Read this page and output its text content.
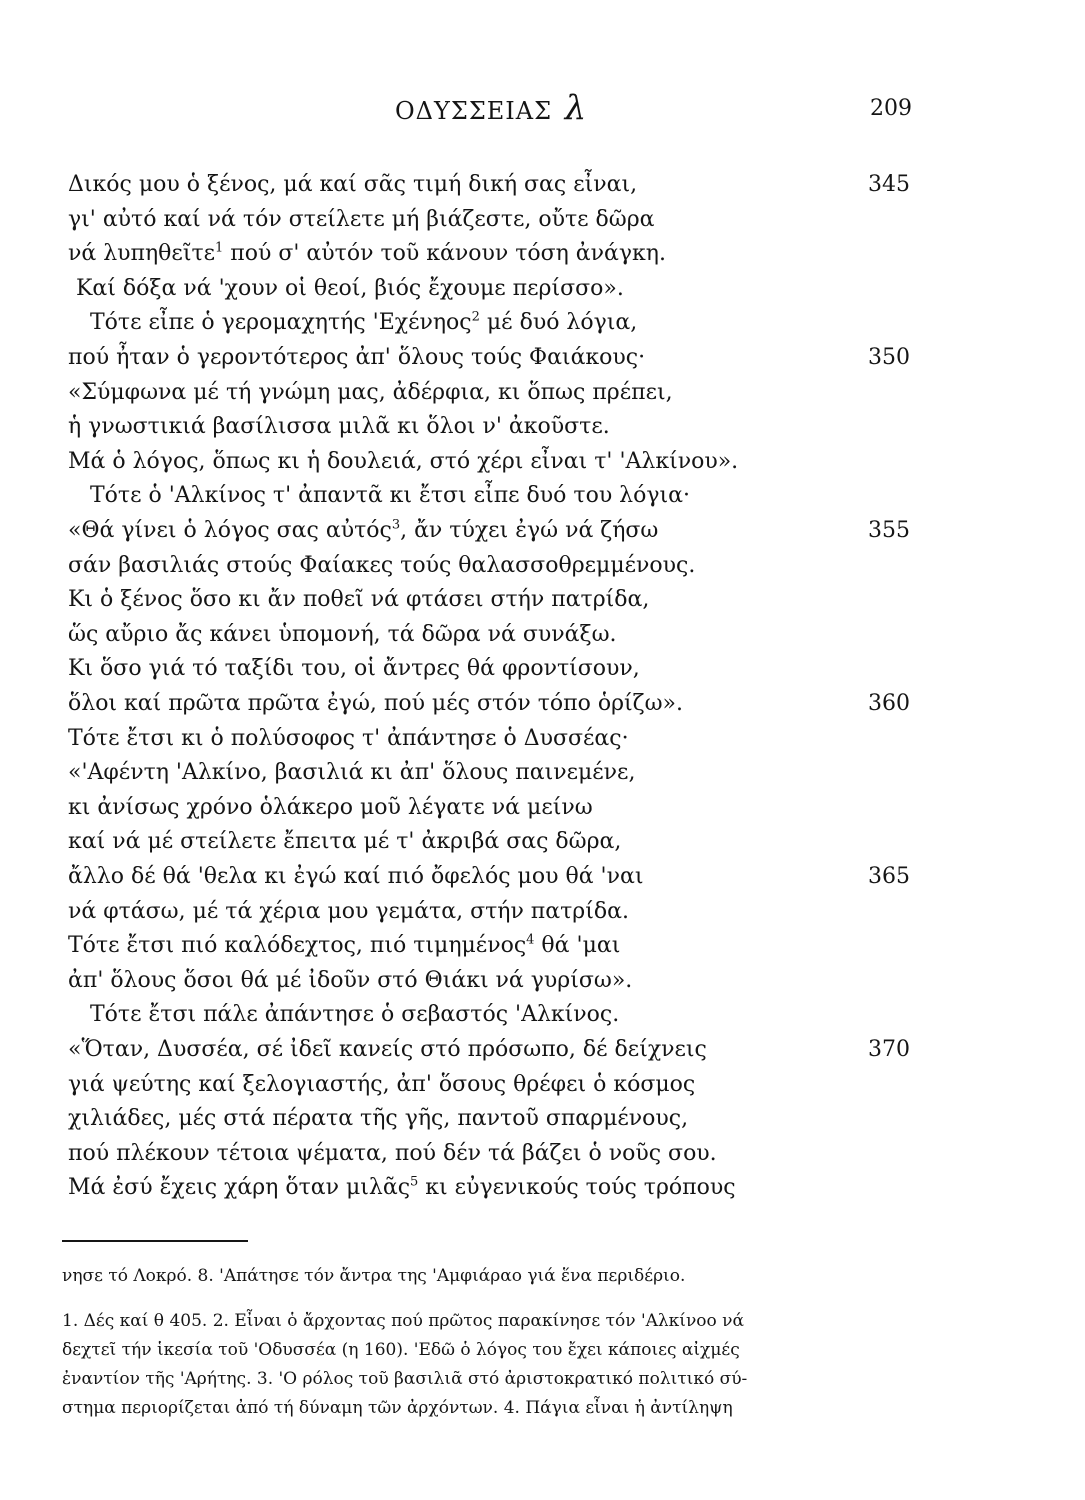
ΟΔΥΣΣΕΙΑΣ λ	209
Δικός μου ὁ ξένος, μά καί σᾶς τιμή δική σας εἶναι,	345
γι' αὐτό καί νά τόν στείλετε μή βιάζεστε, οὔτε δῶρα
νά λυπηθεῖτε$^1$ πού σ' αὐτόν τοῦ κάνουν τόση ἀνάγκη.
Καί δόξα νά 'χουν οἱ θεοί, βιός ἔχουμε περίσσο».
Τότε εἶπε ὁ γερομαχητής 'Εχένηος$^2$ μέ δυό λόγια,
πού ἦταν ὁ γεροντότερος ἀπ' ὅλους τούς Φαιάκους·	350
«Σύμφωνα μέ τή γνώμη μας, ἀδέρφια, κι ὅπως πρέπει,
ἡ γνωστικιά βασίλισσα μιλᾶ κι ὅλοι ν' ἀκοῦστε.
Μά ὁ λόγος, ὅπως κι ἡ δουλειά, στό χέρι εἶναι τ' 'Αλκίνου».
Τότε ὁ 'Αλκίνος τ' ἀπαντᾶ κι ἔτσι εἶπε δυό του λόγια·
«Θά γίνει ὁ λόγος σας αὐτός$^3$, ἄν τύχει ἐγώ νά ζήσω	355
σάν βασιλιάς στούς Φαίακες τούς θαλασσοθρεμμένους.
Κι ὁ ξένος ὅσο κι ἄν ποθεῖ νά φτάσει στήν πατρίδα,
ὥς αὔριο ἄς κάνει ὑπομονή, τά δῶρα νά συνάξω.
Κι ὅσο γιά τό ταξίδι του, οἱ ἄντρες θά φροντίσουν,
ὅλοι καί πρῶτα πρῶτα ἐγώ, πού μές στόν τόπο ὁρίζω».	360
Τότε ἔτσι κι ὁ πολύσοφος τ' ἀπάντησε ὁ Δυσσέας·
«'Αφέντη 'Αλκίνο, βασιλιά κι ἀπ' ὅλους παινεμένε,
κι ἀνίσως χρόνο ὁλάκερο μοῦ λέγατε νά μείνω
καί νά μέ στείλετε ἔπειτα μέ τ' ἀκριβά σας δῶρα,
ἄλλο δέ θά 'θελα κι ἐγώ καί πιό ὄφελός μου θά 'ναι	365
νά φτάσω, μέ τά χέρια μου γεμάτα, στήν πατρίδα.
Τότε ἔτσι πιό καλόδεχτος, πιό τιμημένος$^4$ θά 'μαι
ἀπ' ὅλους ὅσοι θά μέ ἰδοῦν στό Θιάκι νά γυρίσω».
Τότε ἔτσι πάλε ἀπάντησε ὁ σεβαστός 'Αλκίνος.
«Ὅταν, Δυσσέα, σέ ἰδεῖ κανείς στό πρόσωπο, δέ δείχνεις	370
γιά ψεύτης καί ξελογιαστής, ἀπ' ὅσους θρέφει ὁ κόσμος
χιλιάδες, μές στά πέρατα τῆς γῆς, παντοῦ σπαρμένους,
πού πλέκουν τέτοια ψέματα, πού δέν τά βάζει ὁ νοῦς σου.
Μά ἐσύ ἔχεις χάρη ὅταν μιλᾶς$^5$ κι εὐγενικούς τούς τρόπους
νησε τό Λοκρό. 8. 'Απάτησε τόν ἄντρα της 'Αμφιάραο γιά ἕνα περιδέριο.
1. Δές καί θ 405. 2. Εἶναι ὁ ἄρχοντας πού πρῶτος παρακίνησε τόν 'Αλκίνοο νά
δεχτεῖ τήν ἱκεσία τοῦ 'Οδυσσέα (η 160). 'Εδῶ ὁ λόγος του ἔχει κάποιες αἰχμές
ἐναντίον τῆς 'Αρήτης. 3. 'Ο ρόλος τοῦ βασιλιᾶ στό ἀριστοκρατικό πολιτικό σύ-
στημα περιορίζεται ἀπό τή δύναμη τῶν ἀρχόντων. 4. Πάγια εἶναι ἡ ἀντίληψη
